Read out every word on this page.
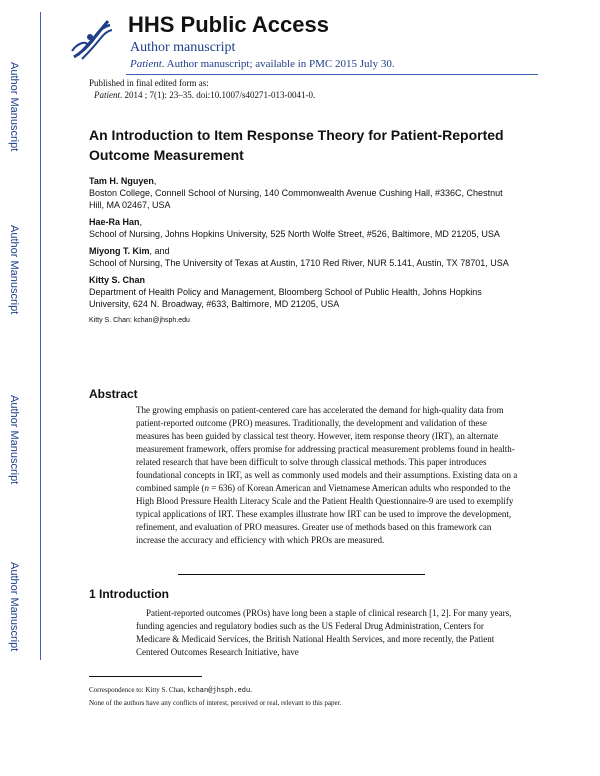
Author Manuscript
Author Manuscript
Author Manuscript
Author Manuscript
HHS Public Access
Author manuscript
Patient. Author manuscript; available in PMC 2015 July 30.
Published in final edited form as:
Patient. 2014 ; 7(1): 23–35. doi:10.1007/s40271-013-0041-0.
An Introduction to Item Response Theory for Patient-Reported Outcome Measurement
Tam H. Nguyen,
Boston College, Connell School of Nursing, 140 Commonwealth Avenue Cushing Hall, #336C, Chestnut Hill, MA 02467, USA
Hae-Ra Han,
School of Nursing, Johns Hopkins University, 525 North Wolfe Street, #526, Baltimore, MD 21205, USA
Miyong T. Kim, and
School of Nursing, The University of Texas at Austin, 1710 Red River, NUR 5.141, Austin, TX 78701, USA
Kitty S. Chan
Department of Health Policy and Management, Bloomberg School of Public Health, Johns Hopkins University, 624 N. Broadway, #633, Baltimore, MD 21205, USA
Kitty S. Chan: kchan@jhsph.edu
Abstract
The growing emphasis on patient-centered care has accelerated the demand for high-quality data from patient-reported outcome (PRO) measures. Traditionally, the development and validation of these measures has been guided by classical test theory. However, item response theory (IRT), an alternate measurement framework, offers promise for addressing practical measurement problems found in health-related research that have been difficult to solve through classical methods. This paper introduces foundational concepts in IRT, as well as commonly used models and their assumptions. Existing data on a combined sample (n = 636) of Korean American and Vietnamese American adults who responded to the High Blood Pressure Health Literacy Scale and the Patient Health Questionnaire-9 are used to exemplify typical applications of IRT. These examples illustrate how IRT can be used to improve the development, refinement, and evaluation of PRO measures. Greater use of methods based on this framework can increase the accuracy and efficiency with which PROs are measured.
1 Introduction
Patient-reported outcomes (PROs) have long been a staple of clinical research [1, 2]. For many years, funding agencies and regulatory bodies such as the US Federal Drug Administration, Centers for Medicare & Medicaid Services, the British National Health Services, and more recently, the Patient Centered Outcomes Research Initiative, have
Correspondence to: Kitty S. Chan, kchan@jhsph.edu.
None of the authors have any conflicts of interest, perceived or real, relevant to this paper.
